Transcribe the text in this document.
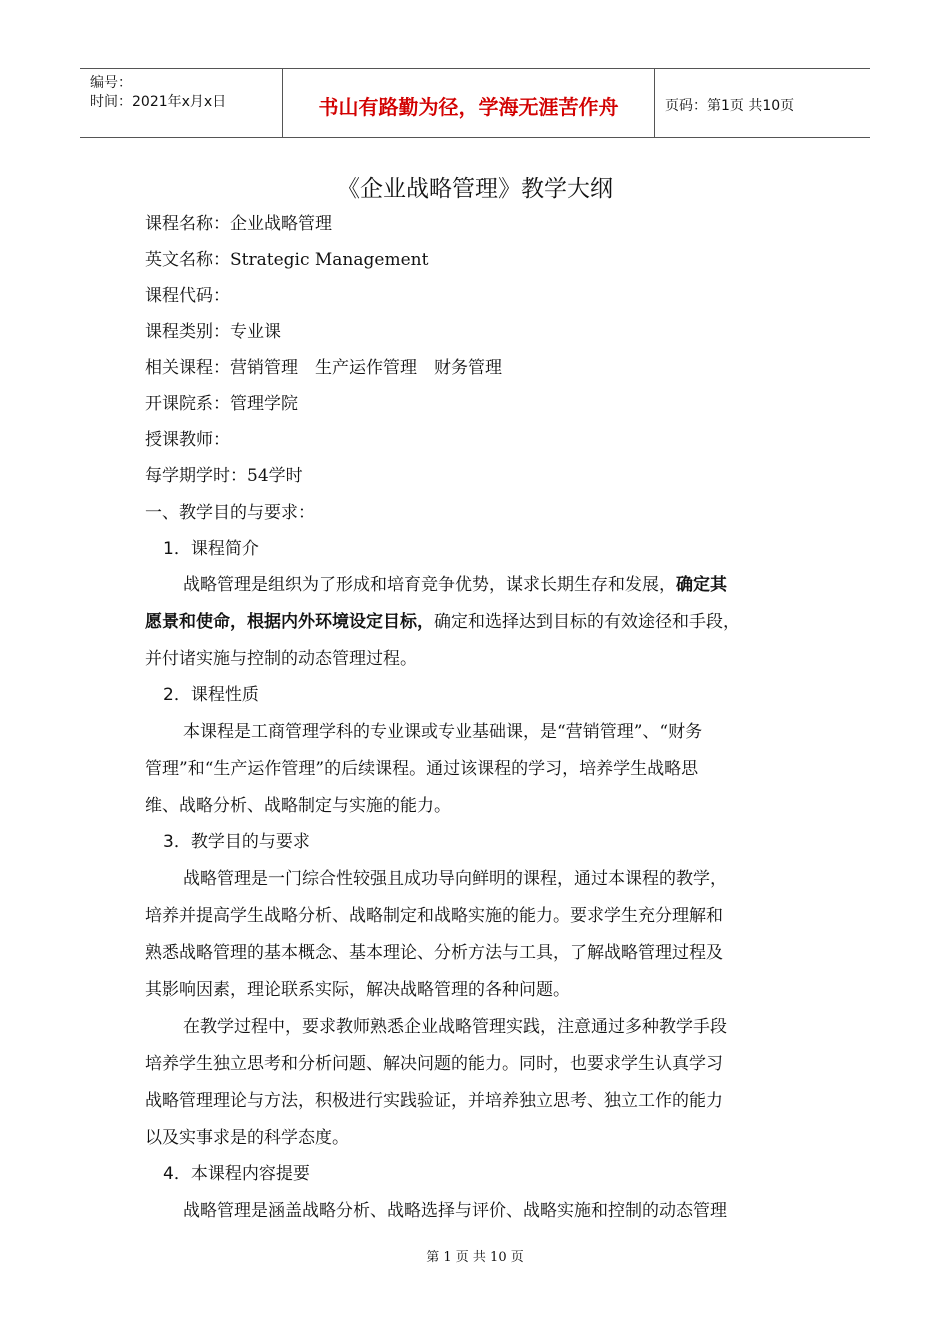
编号：
时间：2021年x月x日	书山有路勤为径，学海无涯苦作舟	页码：第1页 共10页
《企业战略管理》教学大纲
课程名称：企业战略管理
英文名称：Strategic Management
课程代码：
课程类别：专业课
相关课程：营销管理　生产运作管理　财务管理
开课院系：管理学院
授课教师：
每学期学时：54学时
一、教学目的与要求：
1．课程简介
战略管理是组织为了形成和培育竞争优势，谋求长期生存和发展，确定其
愿景和使命，根据内外环境设定目标，确定和选择达到目标的有效途径和手段，
并付诸实施与控制的动态管理过程。
2．课程性质
本课程是工商管理学科的专业课或专业基础课，是“营销管理”、“财务
管理”和“生产运作管理”的后续课程。通过该课程的学习，培养学生战略思
维、战略分析、战略制定与实施的能力。
3．教学目的与要求
战略管理是一门综合性较强且成功导向鲜明的课程，通过本课程的教学，
培养并提高学生战略分析、战略制定和战略实施的能力。要求学生充分理解和
熟悉战略管理的基本概念、基本理论、分析方法与工具，了解战略管理过程及
其影响因素，理论联系实际，解决战略管理的各种问题。
在教学过程中，要求教师熟悉企业战略管理实践，注意通过多种教学手段
培养学生独立思考和分析问题、解决问题的能力。同时，也要求学生认真学习
战略管理理论与方法，积极进行实践验证，并培养独立思考、独立工作的能力
以及实事求是的科学态度。
4．本课程内容提要
战略管理是涵盖战略分析、战略选择与评价、战略实施和控制的动态管理
第 1 页 共 10 页
